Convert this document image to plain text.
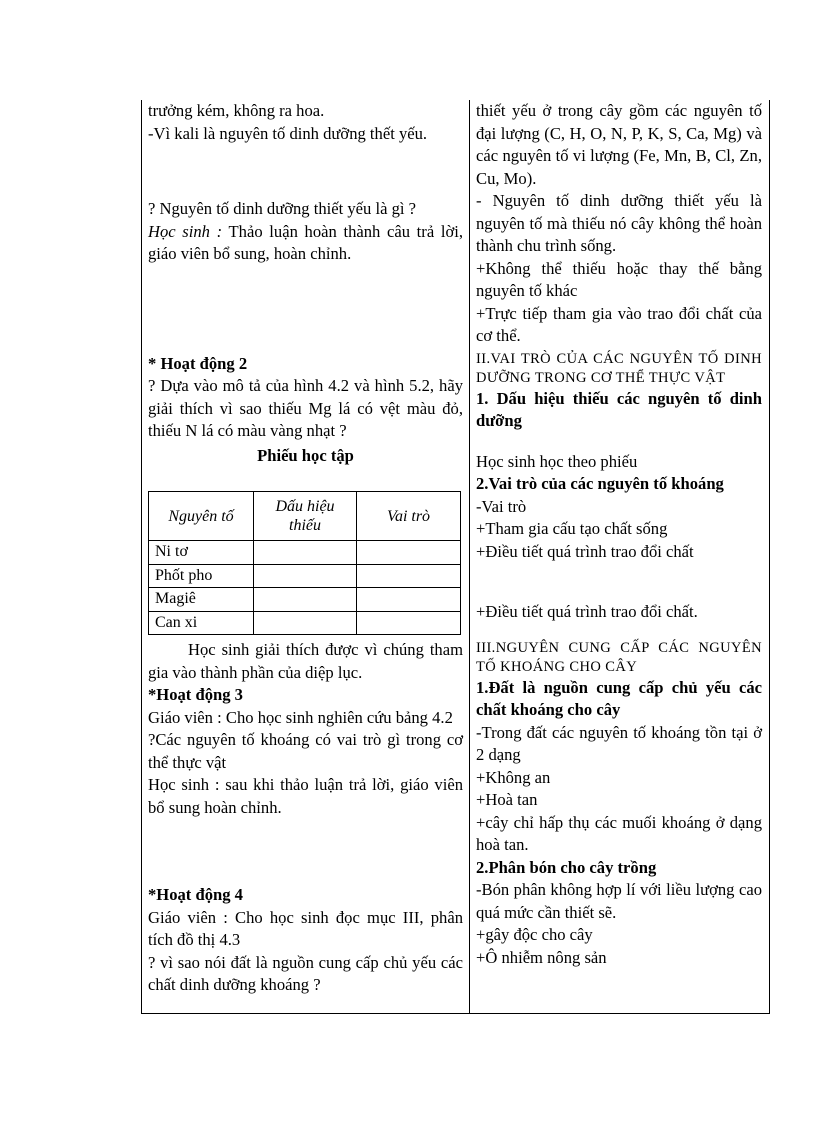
trưởng kém, không ra hoa.

-Vì kali là nguyên tố dinh dưỡng thết yếu.

? Nguyên tố dinh dưỡng thiết yếu là gì ?

Học sinh : Thảo luận hoàn thành câu trả lời, giáo viên bổ sung, hoàn chỉnh.

* Hoạt động 2

? Dựa vào mô tả của hình 4.2 và hình 5.2, hãy giải thích vì sao thiếu Mg lá có vệt màu đỏ, thiếu N lá có màu vàng nhạt ?

Phiếu học tập

Nguyên tố	Dấu hiệu thiếu	Vai trò
Ni tơ		
Phốt pho		
Magiê		
Can xi		

Học sinh giải thích được vì chúng tham gia vào thành phần của diệp lục.

*Hoạt động 3

Giáo viên : Cho học sinh nghiên cứu bảng 4.2

?Các nguyên tố khoáng có vai trò gì trong cơ thể thực vật

Học sinh : sau khi thảo luận trả lời, giáo viên bổ sung hoàn chỉnh.

*Hoạt động 4

Giáo viên : Cho học sinh đọc mục III, phân tích đồ thị 4.3

? vì sao nói đất là nguồn cung cấp chủ yếu các chất dinh dưỡng khoáng ?

thiết yếu ở trong cây gồm các nguyên tố đại lượng (C, H, O, N, P, K, S, Ca, Mg) và các nguyên tố vi lượng (Fe, Mn, B, Cl, Zn, Cu, Mo).

- Nguyên tố dinh dưỡng thiết yếu là nguyên tố mà thiếu nó cây không thể hoàn thành chu trình sống.

+Không thể thiếu hoặc thay thế bằng nguyên tố khác

+Trực tiếp tham gia vào trao đổi chất của cơ thể.

II.VAI TRÒ CỦA CÁC NGUYÊN TỐ DINH DƯỠNG TRONG CƠ THỂ THỰC VẬT

1. Dấu hiệu thiếu các nguyên tố dinh dưỡng

Học sinh học theo phiếu

2.Vai trò của các nguyên tố khoáng

-Vai trò

+Tham gia cấu tạo chất sống

+Điều tiết quá trình trao đổi chất

+Điều tiết quá trình trao đổi chất.

III.NGUYÊN CUNG CẤP CÁC NGUYÊN TỐ KHOÁNG CHO CÂY

1.Đất là nguồn cung cấp chủ yếu các chất khoáng cho cây

-Trong đất các nguyên tố khoáng tồn tại ở 2 dạng

+Không an

+Hoà tan

+cây chỉ hấp thụ các muối khoáng ở dạng hoà tan.

2.Phân bón cho cây trồng

-Bón phân không hợp lí với liều lượng cao quá mức cần thiết sẽ.

+gây độc cho cây

+Ô nhiễm nông sản
